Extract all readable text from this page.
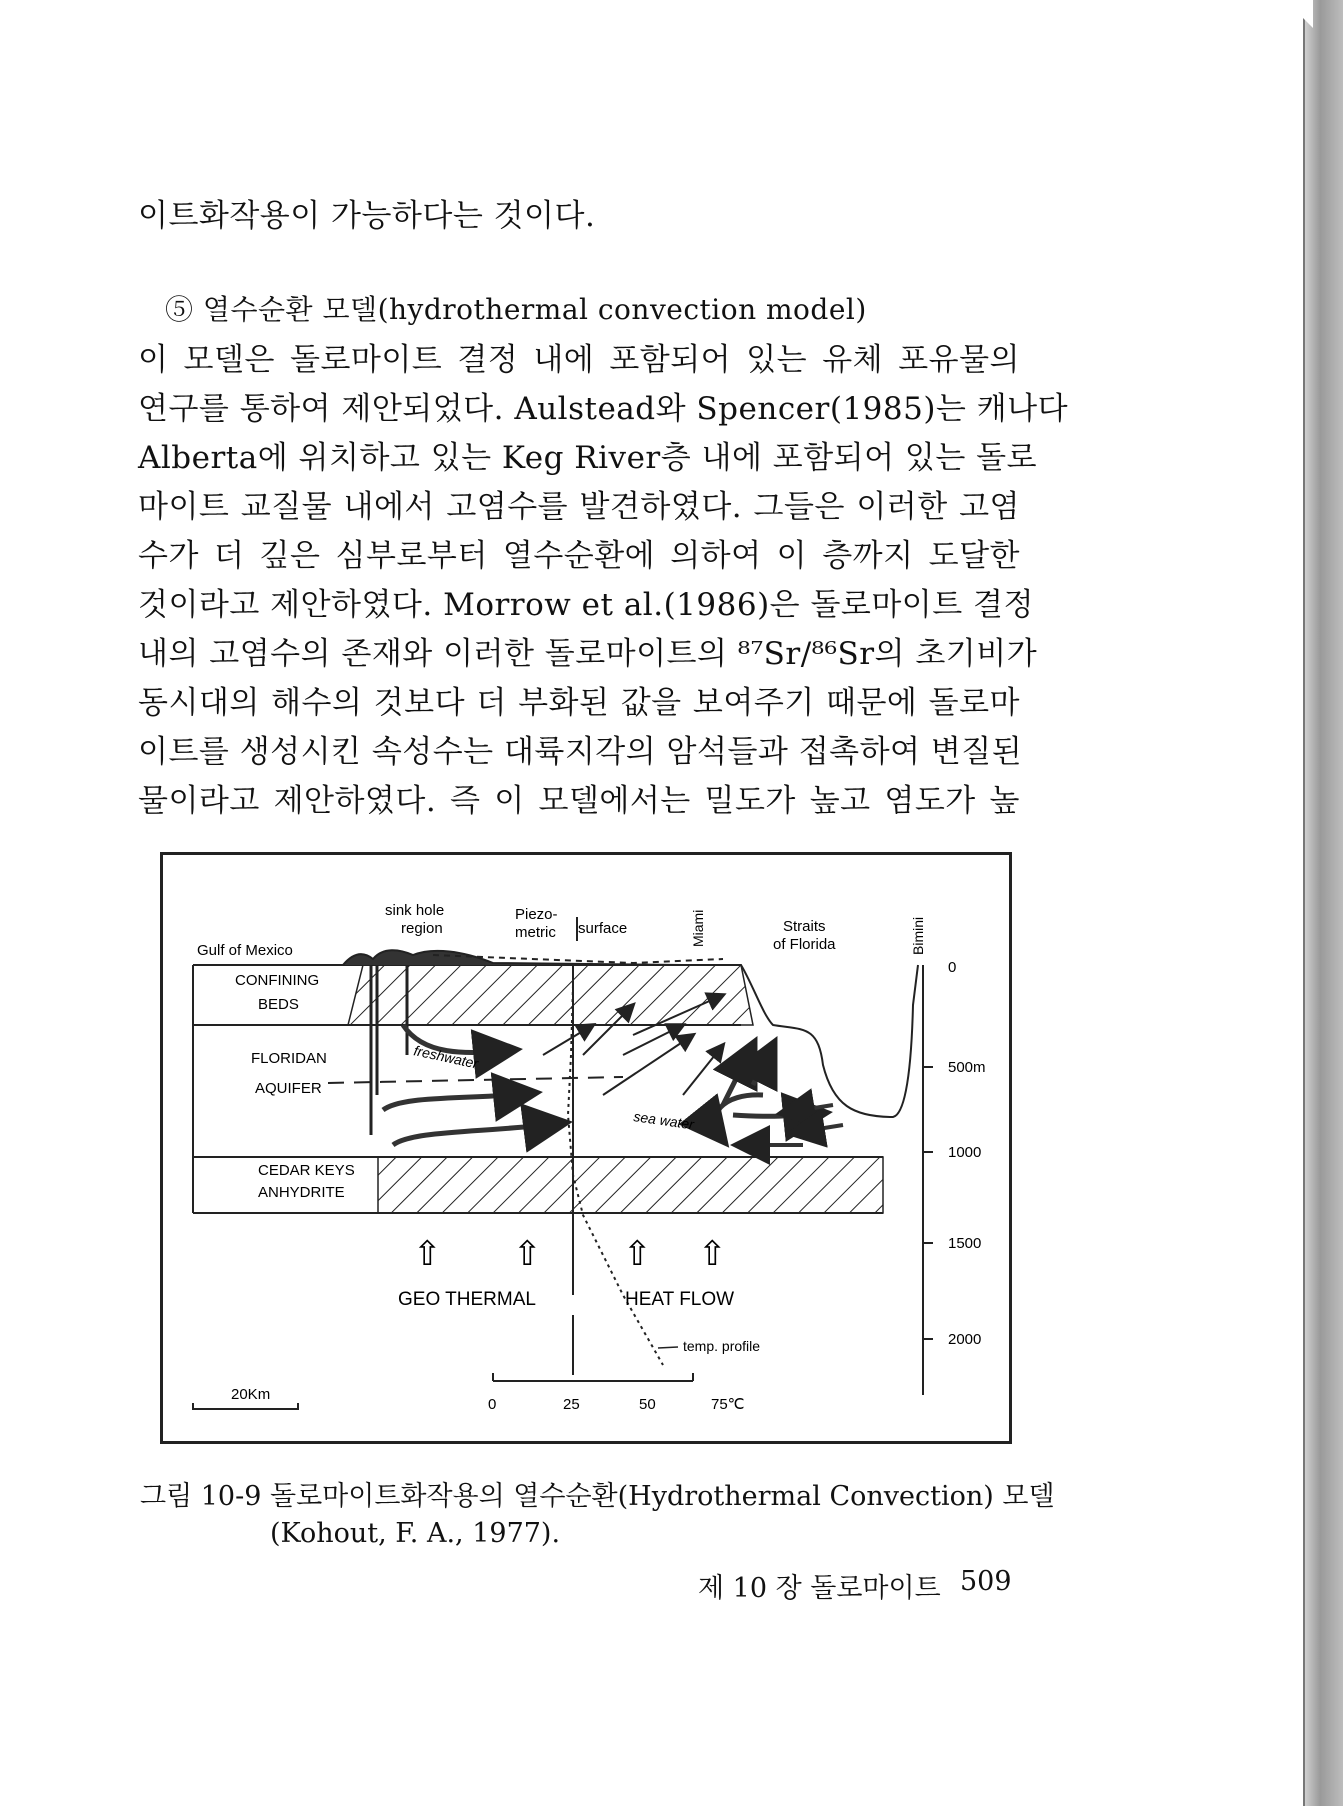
이트화작용이 가능하다는 것이다.
⑤ 열수순환 모델(hydrothermal convection model)
이 모델은 돌로마이트 결정 내에 포함되어 있는 유체 포유물의
연구를 통하여 제안되었다. Aulstead와 Spencer(1985)는 캐나다
Alberta에 위치하고 있는 Keg River층 내에 포함되어 있는 돌로
마이트 교질물 내에서 고염수를 발견하였다. 그들은 이러한 고염
수가 더 깊은 심부로부터 열수순환에 의하여 이 층까지 도달한
것이라고 제안하였다. Morrow et al.(1986)은 돌로마이트 결정
내의 고염수의 존재와 이러한 돌로마이트의 ⁸⁷Sr/⁸⁶Sr의 초기비가
동시대의 해수의 것보다 더 부화된 값을 보여주기 때문에 돌로마
이트를 생성시킨 속성수는 대륙지각의 암석들과 접촉하여 변질된
물이라고 제안하였다. 즉 이 모델에서는 밀도가 높고 염도가 높
sink hole
region
Piezo-
metric surface
Gulf of Mexico
Miami	Straits
of Florida	Bimini
0
500m
1000
1500
2000
CONFINING
BEDS
FLORIDAN
AQUIFER
CEDAR KEYS
ANHYDRITE
freshwater
sea water
⇧ ⇧ ⇧ ⇧
GEO THERMAL	HEAT FLOW
temp. profile
0	25	50	75℃
20Km
그림 10-9 돌로마이트화작용의 열수순환(Hydrothermal Convection) 모델
(Kohout, F. A., 1977).
제 10 장 돌로마이트 509
